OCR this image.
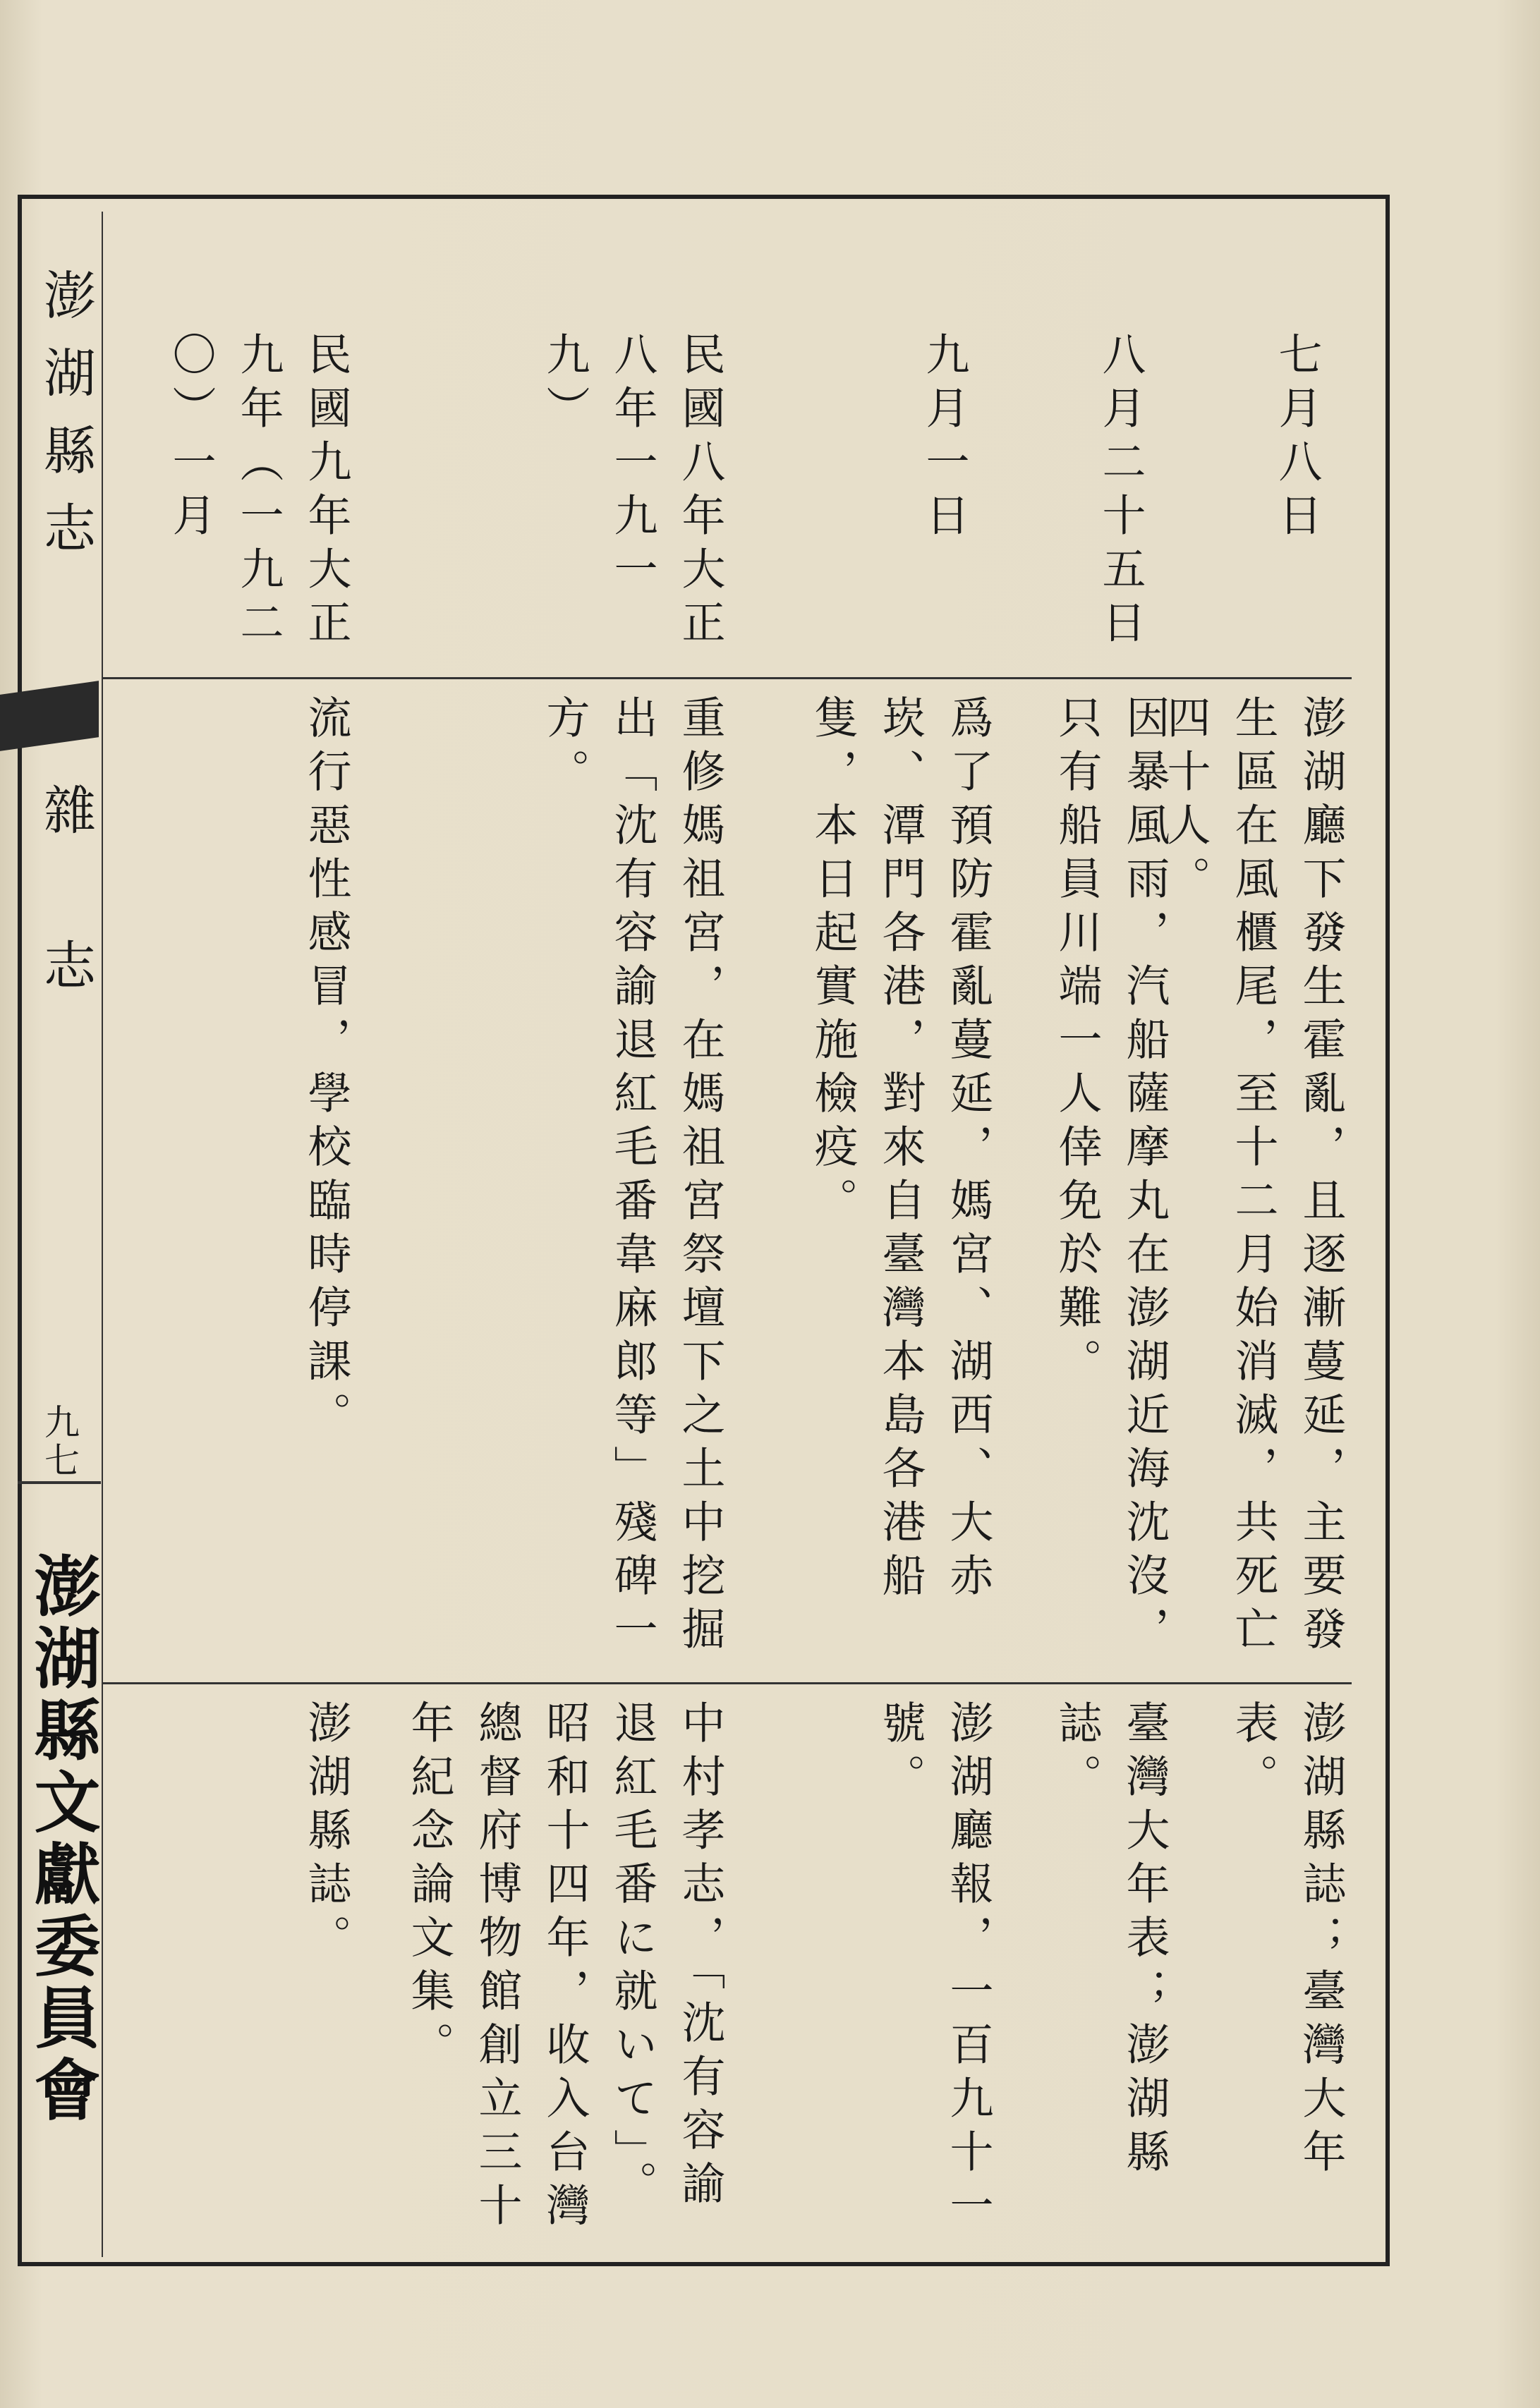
澎湖縣志
雜　志
九七
澎湖縣文獻委員會
七月八日
澎湖廳下發生霍亂，且逐漸蔓延，主要發生區在風櫃尾，至十二月始消滅，共死亡四十人。
澎湖縣誌；臺灣大年表。
八月二十五日
因暴風雨，汽船薩摩丸在澎湖近海沈沒，只有船員川端一人倖免於難。
臺灣大年表；澎湖縣誌。
九月一日
爲了預防霍亂蔓延，媽宮、湖西、大赤崁、潭門各港，對來自臺灣本島各港船隻，本日起實施檢疫。
澎湖廳報，一百九十一號。
民國八年大正八年一九一九）
重修媽祖宮，在媽祖宮祭壇下之土中挖掘出「沈有容諭退紅毛番韋麻郎等」殘碑一方。
中村孝志，「沈有容諭退紅毛番に就いて」。昭和十四年，收入台灣總督府博物館創立三十年紀念論文集。
民國九年大正九年（一九二〇）一月
流行惡性感冒，學校臨時停課。
澎湖縣誌。
